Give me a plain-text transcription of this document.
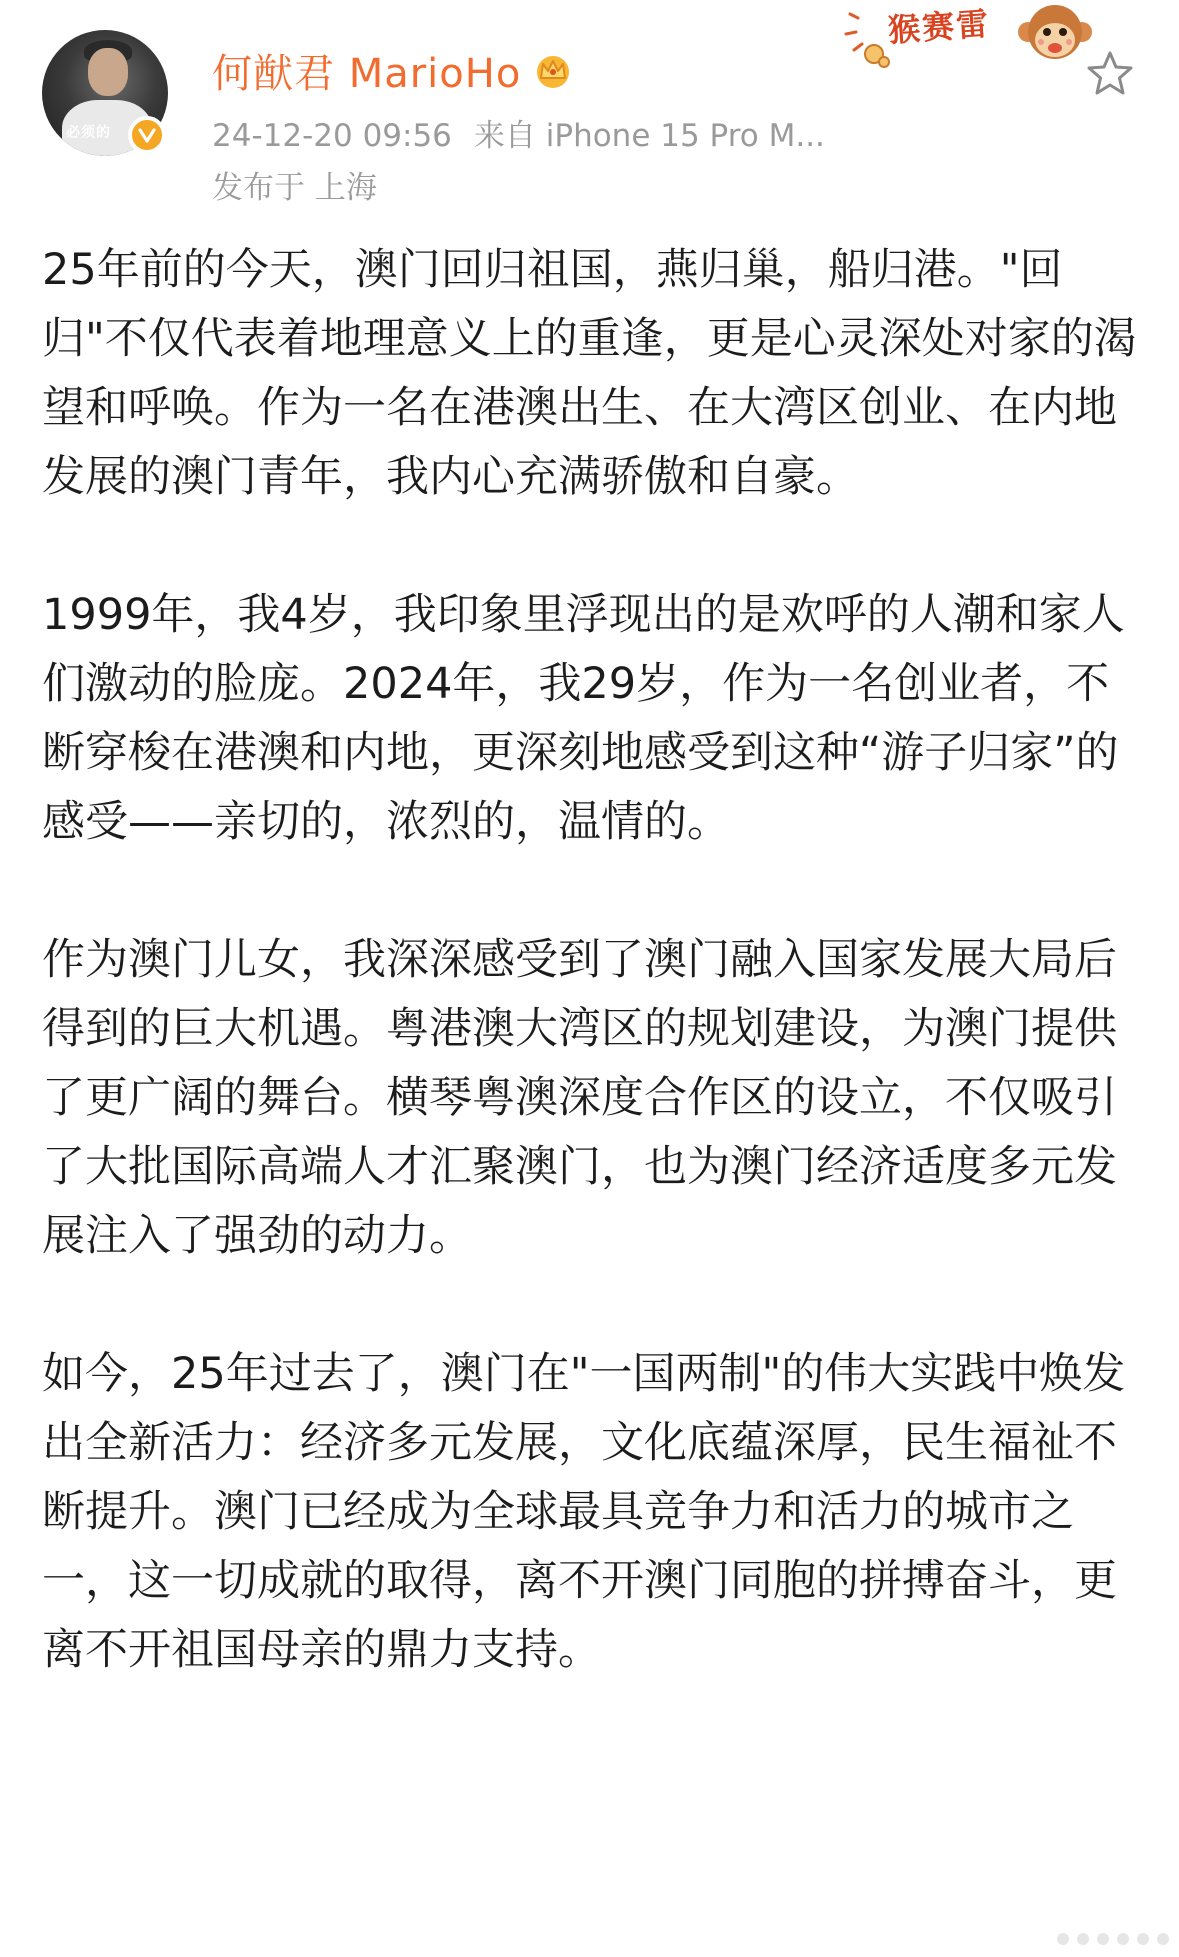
必须的
何猷君 MarioHo
24-12-20 09:56 来自 iPhone 15 Pro M...
发布于 上海
猴赛雷

25年前的今天，澳门回归祖国，燕归巢，船归港。"回归"不仅代表着地理意义上的重逢，更是心灵深处对家的渴望和呼唤。作为一名在港澳出生、在大湾区创业、在内地发展的澳门青年，我内心充满骄傲和自豪。

1999年，我4岁，我印象里浮现出的是欢呼的人潮和家人们激动的脸庞。2024年，我29岁，作为一名创业者，不断穿梭在港澳和内地，更深刻地感受到这种“游子归家”的感受——亲切的，浓烈的，温情的。

作为澳门儿女，我深深感受到了澳门融入国家发展大局后得到的巨大机遇。粤港澳大湾区的规划建设，为澳门提供了更广阔的舞台。横琴粤澳深度合作区的设立，不仅吸引了大批国际高端人才汇聚澳门，也为澳门经济适度多元发展注入了强劲的动力。

如今，25年过去了，澳门在"一国两制"的伟大实践中焕发出全新活力：经济多元发展，文化底蕴深厚，民生福祉不断提升。澳门已经成为全球最具竞争力和活力的城市之一，这一切成就的取得，离不开澳门同胞的拼搏奋斗，更离不开祖国母亲的鼎力支持。
